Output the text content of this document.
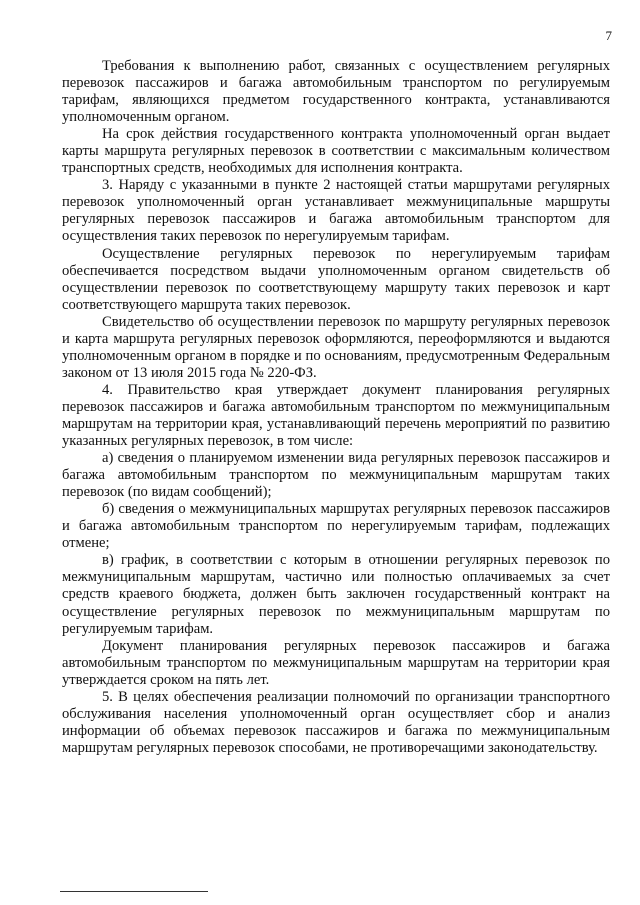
7

Требования к выполнению работ, связанных с осуществлением регулярных перевозок пассажиров и багажа автомобильным транспортом по регулируемым тарифам, являющихся предметом государственного контракта, устанавливаются уполномоченным органом.

На срок действия государственного контракта уполномоченный орган выдает карты маршрута регулярных перевозок в соответствии с максимальным количеством транспортных средств, необходимых для исполнения контракта.

3. Наряду с указанными в пункте 2 настоящей статьи маршрутами регулярных перевозок уполномоченный орган устанавливает межмуниципальные маршруты регулярных перевозок пассажиров и багажа автомобильным транспортом для осуществления таких перевозок по нерегулируемым тарифам.

Осуществление регулярных перевозок по нерегулируемым тарифам обеспечивается посредством выдачи уполномоченным органом свидетельств об осуществлении перевозок по соответствующему маршруту таких перевозок и карт соответствующего маршрута таких перевозок.

Свидетельство об осуществлении перевозок по маршруту регулярных перевозок и карта маршрута регулярных перевозок оформляются, переоформляются и выдаются уполномоченным органом в порядке и по основаниям, предусмотренным Федеральным законом от 13 июля 2015 года № 220-ФЗ.

4. Правительство края утверждает документ планирования регулярных перевозок пассажиров и багажа автомобильным транспортом по межмуниципальным маршрутам на территории края, устанавливающий перечень мероприятий по развитию указанных регулярных перевозок, в том числе:

а) сведения о планируемом изменении вида регулярных перевозок пассажиров и багажа автомобильным транспортом по межмуниципальным маршрутам таких перевозок (по видам сообщений);

б) сведения о межмуниципальных маршрутах регулярных перевозок пассажиров и багажа автомобильным транспортом по нерегулируемым тарифам, подлежащих отмене;

в) график, в соответствии с которым в отношении регулярных перевозок по межмуниципальным маршрутам, частично или полностью оплачиваемых за счет средств краевого бюджета, должен быть заключен государственный контракт на осуществление регулярных перевозок по межмуниципальным маршрутам по регулируемым тарифам.

Документ планирования регулярных перевозок пассажиров и багажа автомобильным транспортом по межмуниципальным маршрутам на территории края утверждается сроком на пять лет.

5. В целях обеспечения реализации полномочий по организации транспортного обслуживания населения уполномоченный орган осуществляет сбор и анализ информации об объемах перевозок пассажиров и багажа по межмуниципальным маршрутам регулярных перевозок способами, не противоречащими законодательству.
